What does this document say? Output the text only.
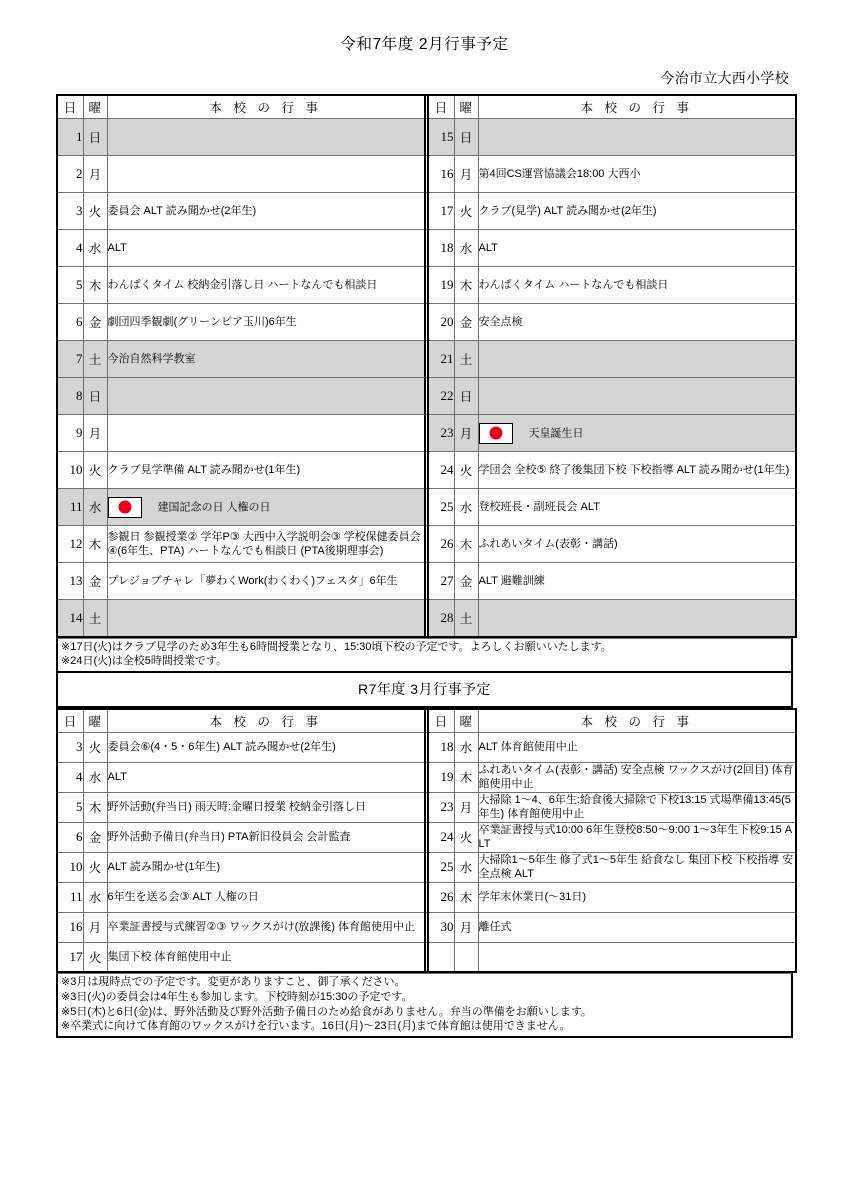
令和7年度 2月行事予定
今治市立大西小学校
日	曜	本 校 の 行 事		日	曜	本 校 の 行 事
1	日			15	日	
2	月			16	月	第4回CS運営協議会18:00 大西小
3	火	委員会 ALT 読み聞かせ(2年生)		17	火	クラブ(見学) ALT 読み聞かせ(2年生)
4	水	ALT		18	水	ALT
5	木	わんぱくタイム 校納金引落し日 ハートなんでも相談日		19	木	わんぱくタイム ハートなんでも相談日
6	金	劇団四季観劇(グリーンピア玉川)6年生		20	金	安全点検
7	土	今治自然科学教室		21	土	
8	日			22	日	
9	月			23	月	天皇誕生日
10	火	クラブ見学準備 ALT 読み聞かせ(1年生)		24	火	学団会 全校⑤ 終了後集団下校 下校指導 ALT 読み聞かせ(1年生)
11	水	建国記念の日 人権の日		25	水	登校班長・副班長会 ALT
12	木	参観日 参観授業② 学年P③ 大西中入学説明会③ 学校保健委員会④(6年生、PTA) ハートなんでも相談日 (PTA後期理事会)		26	木	ふれあいタイム(表彰・講話)
13	金	プレジョブチャレ「夢わくWork(わくわく)フェスタ」6年生		27	金	ALT 避難訓練
14	土			28	土	
※17日(火)はクラブ見学のため3年生も6時間授業となり、15:30頃下校の予定です。よろしくお願いいたします。
※24日(火)は全校5時間授業です。
R7年度 3月行事予定
日	曜	本 校 の 行 事		日	曜	本 校 の 行 事
3	火	委員会⑥(4・5・6年生) ALT 読み聞かせ(2年生)		18	水	ALT 体育館使用中止
4	水	ALT		19	木	ふれあいタイム(表彰・講話) 安全点検 ワックスがけ(2回目) 体育館使用中止
5	木	野外活動(弁当日) 雨天時:金曜日授業 校納金引落し日		23	月	大掃除 1～4、6年生:給食後大掃除で下校13:15 式場準備13:45(5年生) 体育館使用中止
6	金	野外活動予備日(弁当日) PTA新旧役員会 会計監査		24	火	卒業証書授与式10:00 6年生登校8:50～9:00 1～3年生下校9:15 ALT
10	火	ALT 読み聞かせ(1年生)		25	水	大掃除1～5年生 修了式1～5年生 給食なし 集団下校 下校指導 安全点検 ALT
11	水	6年生を送る会③ ALT 人権の日		26	木	学年末休業日(～31日)
16	月	卒業証書授与式練習②③ ワックスがけ(放課後) 体育館使用中止		30	月	離任式
17	火	集団下校 体育館使用中止				
※3月は現時点での予定です。変更がありますこと、御了承ください。
※3日(火)の委員会は4年生も参加します。下校時刻が15:30の予定です。
※5日(木)と6日(金)は、野外活動及び野外活動予備日のため給食がありません。弁当の準備をお願いします。
※卒業式に向けて体育館のワックスがけを行います。16日(月)～23日(月)まで体育館は使用できません。
